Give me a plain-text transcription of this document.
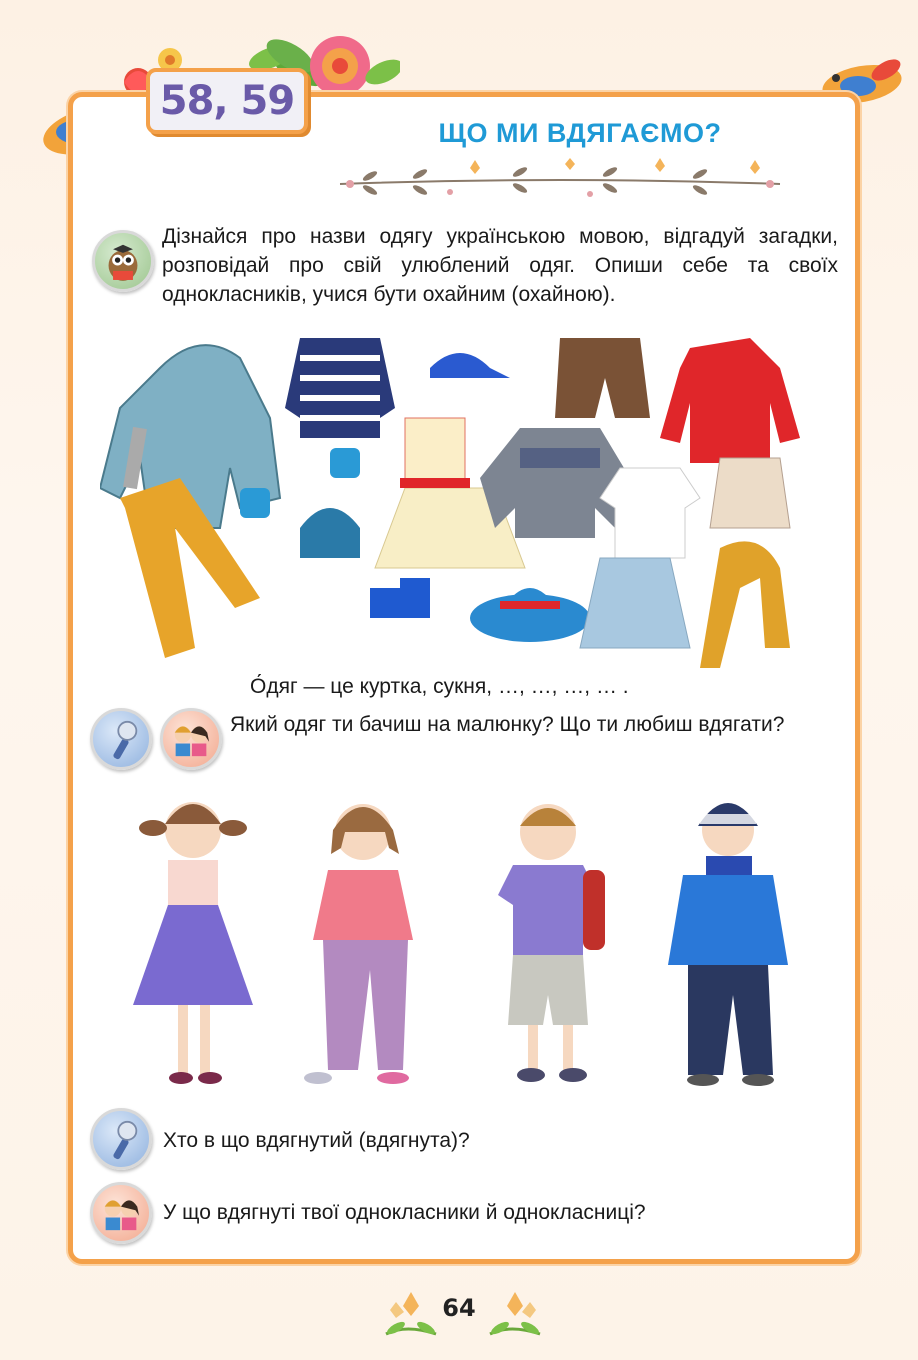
58, 59
ЩО МИ ВДЯГАЄМО?
Дізнайся про назви одягу українською мовою, відгадуй загадки, розповідай про свій улюблений одяг. Опиши себе та своїх однокласників, учися бути охайним (охайною).
О́дяг — це куртка, сукня, …, …, …, … .
Який одяг ти бачиш на малюнку? Що ти любиш вдягати?
Хто в що вдягнутий (вдягнута)?
У що вдягнуті твої однокласники й однокласниці?
64
